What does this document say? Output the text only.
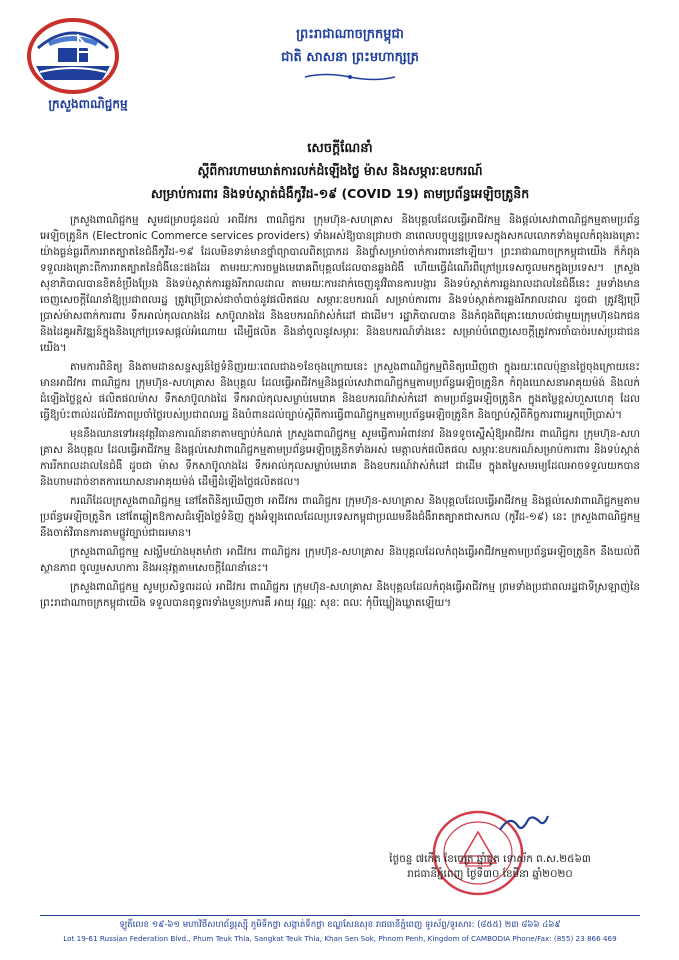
ក្រសួងពាណិជ្ជកម្ម
ព្រះរាជាណាចក្រកម្ពុជា
ជាតិ សាសនា ព្រះមហាក្សត្រ
សេចក្តីណែនាំ
ស្តីពីការហាមឃាត់ការលក់ដំឡើងថ្លៃ ម៉ាស និងសម្ភារៈឧបករណ៍
សម្រាប់ការពារ និងទប់ស្កាត់ជំងឺកូវីដ-១៩ (COVID 19) តាមប្រព័ន្ធអេឡិចត្រូនិក

ក្រសួងពាណិជ្ជកម្ម សូមជម្រាបជូនដល់ អាជីវករ ពាណិជ្ជករ ក្រុមហ៊ុន-សហគ្រាស និងបុគ្គលដែលធ្វើអាជីវកម្ម និងផ្តល់សេវាពាណិជ្ជកម្មតាមប្រព័ន្ធអេឡិចត្រូនិក (Electronic Commerce services providers) ទាំងអស់ឱ្យបានជ្រាបថា នាពេលបច្ចុប្បន្នប្រទេសក្នុងសកលលោកទាំងមូលកំពុងរងគ្រោះយ៉ាងធ្ងន់ធ្ងរពីការរាតត្បាតនៃជំងឺកូវីដ-១៩ ដែលមិនទាន់មានថ្នាំព្យាបាលពិតប្រាកដ និងថ្នាំសម្រាប់ចាក់ការពារនៅឡើយ។ ព្រះរាជាណាចក្រកម្ពុជាយើង ក៏កំពុងទទួលរងគ្រោះពីការរាតត្បាតនៃជំងឺនេះផងដែរ តាមរយៈការចម្លងមេរោគពីបុគ្គលដែលបានឆ្លងជំងឺ ហើយធ្វើដំណើរពីក្រៅប្រទេសចូលមកក្នុងប្រទេស។ ក្រសួងសុខាភិបាលបានខិតខំប្រឹងប្រែង និងទប់ស្កាត់ការឆ្លងរីករាលដាល តាមរយៈការដាក់ចេញនូវវិធានការបង្ការ និងទប់ស្កាត់ការឆ្លងរាលដាលនៃជំងឺនេះ រួមទាំងមានចេញសេចក្តីណែនាំឱ្យប្រជាពលរដ្ឋ ត្រូវប្រើប្រាស់ជាចាំបាច់នូវផលិតផល សម្ភារៈឧបករណ៍ សម្រាប់ការពារ និងទប់ស្កាត់ការឆ្លងរីករាលដាល ដូចជា ត្រូវឱ្យប្រើប្រាស់ម៉ាសពាក់ការពារ ទឹកអាល់កុលលាងដៃ សាប៊ូលាងដៃ និងឧបករណ៍វាស់កំដៅ ជាដើម។ រដ្ឋាភិបាលបាន និងកំពុងពិគ្រោះយោបល់ជាមួយក្រុមហ៊ុនឯកជន និងដៃគូអភិវឌ្ឍន៍ក្នុងនិងក្រៅប្រទេសផ្តល់អំណោយ ដើម្បីផលិត និងនាំចូលនូវសម្ភារៈ និងឧបករណ៍ទាំងនេះ សម្រាប់បំពេញសេចក្តីត្រូវការចាំបាច់របស់ប្រជាជនយើង។

តាមការពិនិត្យ និងតាមដានសន្ទស្សន៍ថ្លៃទំនិញរយៈពេលជាង១ខែចុងក្រោយនេះ ក្រសួងពាណិជ្ជកម្មពិនិត្យឃើញថា ក្នុងរយៈពេលប៉ុន្មានថ្ងៃចុងក្រោយនេះ មានអាជីវករ ពាណិជ្ជករ ក្រុមហ៊ុន-សហគ្រាស និងបុគ្គល ដែលធ្វើអាជីវកម្មនិងផ្តល់សេវាពាណិជ្ជកម្មតាមប្រព័ន្ធអេឡិចត្រូនិក កំពុងឃោសនាអាគុយម៉ង់ និងលក់ដំឡើងថ្លៃខ្ពស់ ផលិតផលម៉ាស ទឹកសាប៊ូលាងដៃ ទឹកអាល់កុលសម្លាប់មេរោគ និងឧបករណ៍វាស់កំដៅ តាមប្រព័ន្ធអេឡិចត្រូនិក ក្នុងតម្លៃខ្ពស់ហួសហេតុ ដែលធ្វើឱ្យប៉ះពាល់ដល់ជីវភាពប្រចាំថ្ងៃរបស់ប្រជាពលរដ្ឋ និងបំពានដល់ច្បាប់ស្តីពីការធ្វើពាណិជ្ជកម្មតាមប្រព័ន្ធអេឡិចត្រូនិក និងច្បាប់ស្តីពីកិច្ចការពារអ្នកប្រើប្រាស់។

មុននឹងឈានទៅអនុវត្តវិធានការណ៍នានាតាមច្បាប់កំណត់ ក្រសួងពាណិជ្ជកម្ម សូមធ្វើការអំពាវនាវ និងទទូចស្នើសុំឱ្យអាជីវករ ពាណិជ្ជករ ក្រុមហ៊ុន-សហគ្រាស និងបុគ្គល ដែលធ្វើអាជីវកម្ម និងផ្តល់សេវាពាណិជ្ជកម្មតាមប្រព័ន្ធអេឡិចត្រូនិកទាំងអស់ មេត្តាលក់ផលិតផល សម្ភារៈឧបករណ៍សម្រាប់ការពារ និងទប់ស្កាត់ការរីករាលដាលនៃជំងឺ ដូចជា ម៉ាស ទឹកសាប៊ូលាងដៃ ទឹកអាល់កុលសម្លាប់មេរោគ និងឧបករណ៍វាស់កំដៅ ជាដើម ក្នុងតម្លៃសមរម្យដែលអាចទទួលយកបាន និងហាមដាច់ខាតការឃោសនាអាគុយម៉ង់ ដើម្បីដំឡើងថ្លៃផលិតផល។

ករណីដែលក្រសួងពាណិជ្ជកម្ម នៅតែពិនិត្យឃើញថា អាជីវករ ពាណិជ្ជករ ក្រុមហ៊ុន-សហគ្រាស និងបុគ្គលដែលធ្វើអាជីវកម្ម និងផ្តល់សេវាពាណិជ្ជកម្មតាមប្រព័ន្ធអេឡិចត្រូនិក នៅតែឆ្លៀតឱកាសដំឡើងថ្លៃទំនិញ ក្នុងអំឡុងពេលដែលប្រទេសកម្ពុជាប្រឈមនឹងជំងឺរាតត្បាតជាសកល (កូវីដ-១៩) នេះ ក្រសួងពាណិជ្ជកម្ម នឹងចាត់វិធានការតាមផ្លូវច្បាប់ជាធរមាន។

ក្រសួងពាណិជ្ជកម្ម សង្ឃឹមយ៉ាងមុតមាំថា អាជីវករ ពាណិជ្ជករ ក្រុមហ៊ុន-សហគ្រាស និងបុគ្គលដែលកំពុងធ្វើអាជីវកម្មតាមប្រព័ន្ធអេឡិចត្រូនិក នឹងយល់ពីស្ថានភាព ចូលរួមសហការ និងអនុវត្តតាមសេចក្តីណែនាំនេះ។

ក្រសួងពាណិជ្ជកម្ម សូមប្រសិទ្ធពរដល់ អាជីវករ ពាណិជ្ជករ ក្រុមហ៊ុន-សហគ្រាស និងបុគ្គលដែលកំពុងធ្វើអាជីវកម្ម ព្រមទាំងប្រជាពលរដ្ឋជាទីស្រឡាញ់នៃព្រះរាជាណាចក្រកម្ពុជាយើង ទទួលបានពុទ្ធពរទាំងបួនប្រការគឺ អាយុ វណ្ណៈ សុខៈ ពលៈ កុំបីឃ្លៀងឃ្លាតឡើយ។

ថ្ងៃចន្ទ ៧កើត ខែចេត្រ ឆ្នាំជូត ទោស័ក ព.ស.២៥៦៣
រាជធានីភ្នំពេញ ថ្ងៃទី៣០ ខែមីនា ឆ្នាំ២០២០
ឡូតិ៍លេខ ១៩-៦១ មហាវិថីសហព័ន្ធរុស្ស៊ី ភូមិទឹកថ្លា សង្កាត់ទឹកថ្លា ខណ្ឌសែនសុខ រាជធានីភ្នំពេញ ទូរស័ព្ទ/ទូរសារ: (៨៥៥) ២៣ ៨៦៦ ៤៦៩
Lot 19-61 Russian Federation Blvd., Phum Teuk Thla, Sangkat Teuk Thla, Khan Sen Sok, Phnom Penh, Kingdom of CAMBODIA Phone/Fax: (855) 23 866 469
